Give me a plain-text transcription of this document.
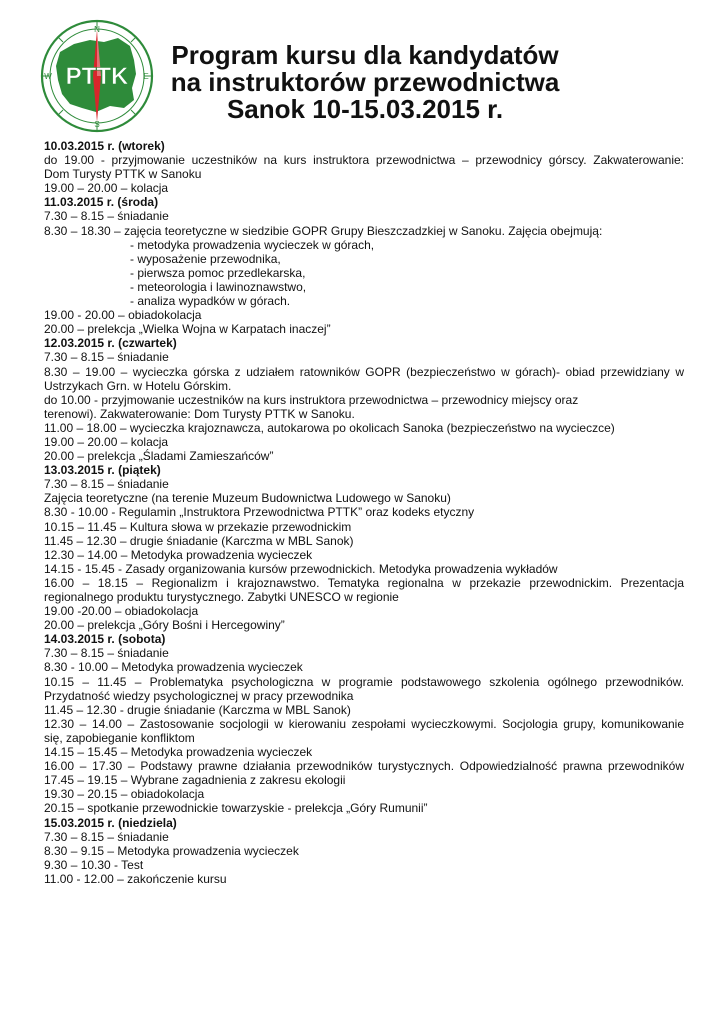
N
S
W	E
PTTK
Program kursu dla kandydatów
na instruktorów przewodnictwa
Sanok 10-15.03.2015 r.
10.03.2015 r. (wtorek)
do 19.00 - przyjmowanie uczestników na kurs instruktora przewodnictwa – przewodnicy górscy. Zakwaterowanie:
Dom Turysty PTTK w Sanoku
19.00 – 20.00 – kolacja
11.03.2015 r. (środa)
7.30 – 8.15 – śniadanie
8.30 – 18.30 – zajęcia teoretyczne w siedzibie GOPR Grupy Bieszczadzkiej w Sanoku. Zajęcia obejmują:
- metodyka prowadzenia wycieczek w górach,
- wyposażenie przewodnika,
- pierwsza pomoc przedlekarska,
- meteorologia i lawinoznawstwo,
- analiza wypadków w górach.
19.00 - 20.00 – obiadokolacja
20.00 – prelekcja „Wielka Wojna w Karpatach inaczej”
12.03.2015 r. (czwartek)
7.30 – 8.15 – śniadanie
8.30 – 19.00 – wycieczka górska z udziałem ratowników GOPR (bezpieczeństwo w górach)- obiad przewidziany w
Ustrzykach Grn. w Hotelu Górskim.
do 10.00 - przyjmowanie uczestników na kurs instruktora przewodnictwa – przewodnicy miejscy oraz
terenowi). Zakwaterowanie: Dom Turysty PTTK w Sanoku.
11.00 – 18.00 – wycieczka krajoznawcza, autokarowa po okolicach Sanoka (bezpieczeństwo na wycieczce)
19.00 – 20.00 – kolacja
20.00 – prelekcja „Śladami Zamieszańców”
13.03.2015 r. (piątek)
7.30 – 8.15 – śniadanie
Zajęcia teoretyczne (na terenie Muzeum Budownictwa Ludowego w Sanoku)
8.30 - 10.00 - Regulamin „Instruktora Przewodnictwa PTTK” oraz kodeks etyczny
10.15 – 11.45 – Kultura słowa w przekazie przewodnickim
11.45 – 12.30 – drugie śniadanie (Karczma w MBL Sanok)
12.30 – 14.00 – Metodyka prowadzenia wycieczek
14.15 - 15.45 - Zasady organizowania kursów przewodnickich. Metodyka prowadzenia wykładów
16.00 – 18.15 – Regionalizm i krajoznawstwo. Tematyka regionalna w przekazie przewodnickim. Prezentacja
regionalnego produktu turystycznego. Zabytki UNESCO w regionie
19.00 -20.00 – obiadokolacja
20.00 – prelekcja „Góry Bośni i Hercegowiny”
14.03.2015 r. (sobota)
7.30 – 8.15 – śniadanie
8.30 - 10.00 – Metodyka prowadzenia wycieczek
10.15 – 11.45 – Problematyka psychologiczna w programie podstawowego szkolenia ogólnego przewodników.
Przydatność wiedzy psychologicznej w pracy przewodnika
11.45 – 12.30 - drugie śniadanie (Karczma w MBL Sanok)
12.30 – 14.00 – Zastosowanie socjologii w kierowaniu zespołami wycieczkowymi. Socjologia grupy, komunikowanie
się, zapobieganie konfliktom
14.15 – 15.45 – Metodyka prowadzenia wycieczek
16.00 – 17.30 – Podstawy prawne działania przewodników turystycznych. Odpowiedzialność prawna przewodników
17.45 – 19.15 – Wybrane zagadnienia z zakresu ekologii
19.30 – 20.15 – obiadokolacja
20.15 – spotkanie przewodnickie towarzyskie - prelekcja „Góry Rumunii”
15.03.2015 r. (niedziela)
7.30 – 8.15 – śniadanie
8.30 – 9.15 – Metodyka prowadzenia wycieczek
9.30 – 10.30 - Test
11.00 - 12.00 – zakończenie kursu
